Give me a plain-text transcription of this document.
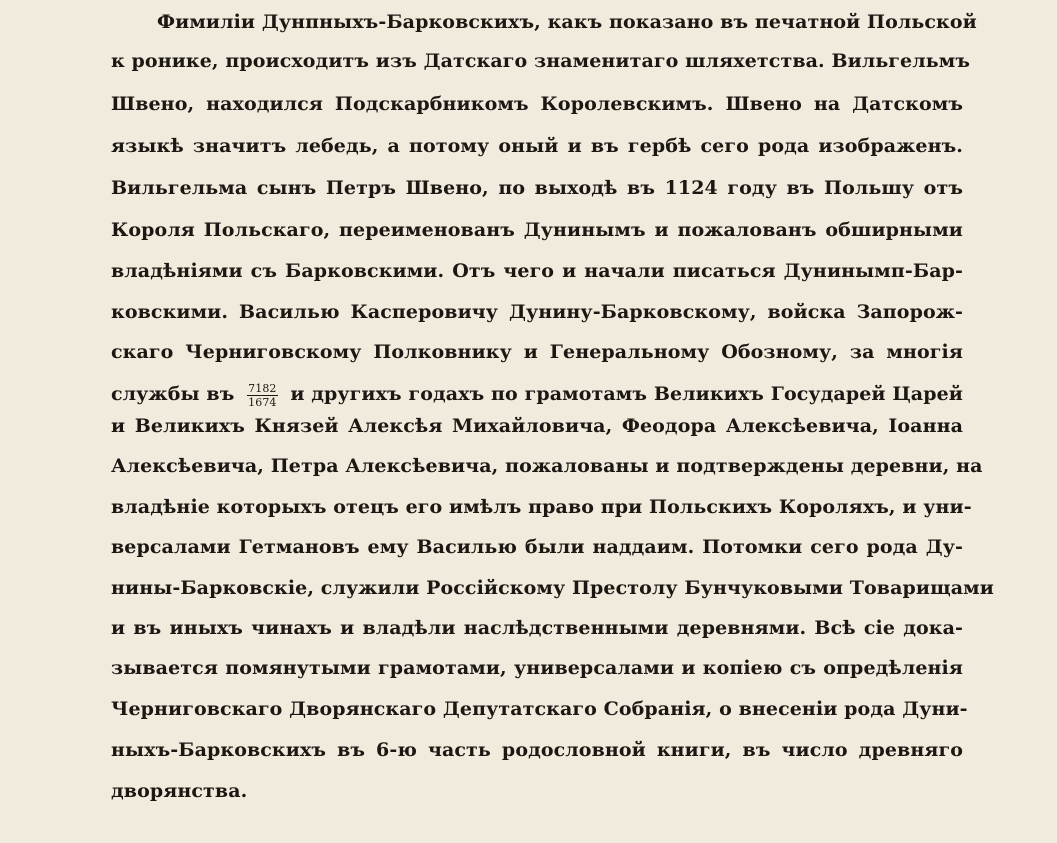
Фимилiи Дунпныхъ-Барковскихъ, какъ показано въ печатной Польской
к ронике, происходитъ изъ Датскаго знаменитаго шляхетства. Вильгельмъ
Швено, находился Подскарбникомъ Королевскимъ. Швено на Датскомъ
языкѣ значитъ лебедь, а потому оный и въ гербѣ сего рода изображенъ.
Вильгельма сынъ Петръ Швено, по выходѣ въ 1124 году въ Польшу отъ
Короля Польскаго, переименованъ Дунинымъ и пожалованъ обширными
владѣнiями съ Барковскими. Отъ чего и начали писаться Дунинымп-Бар-
ковскими. Василью Касперовичу Дунину-Барковскому, войска Запорож-
скаго Черниговскому Полковнику и Генеральному Обозному, за многiя
службы въ $\frac{7182}{1674}$ и другихъ годахъ по грамотамъ Великихъ Государей Царей
и Великихъ Князей Алексѣя Михайловича, Феодора Алексѣевича, Iоанна
Алексѣевича, Петра Алексѣевича, пожалованы и подтверждены деревни, на
владѣнiе которыхъ отецъ его имѣлъ право при Польскихъ Короляхъ, и уни-
версалами Гетмановъ ему Василью были наддаим. Потомки сего рода Ду-
нины-Барковскiе, служили Россiйскому Престолу Бунчуковыми Товарищами
и въ иныхъ чинахъ и владѣли наслѣдственными деревнями. Всѣ сiе дока-
зывается помянутыми грамотами, универсалами и копiею съ опредѣленiя
Черниговскаго Дворянскаго Депутатскаго Собранiя, о внесенiи рода Дуни-
ныхъ-Барковскихъ въ 6-ю часть родословной книги, въ число древняго
дворянства.
